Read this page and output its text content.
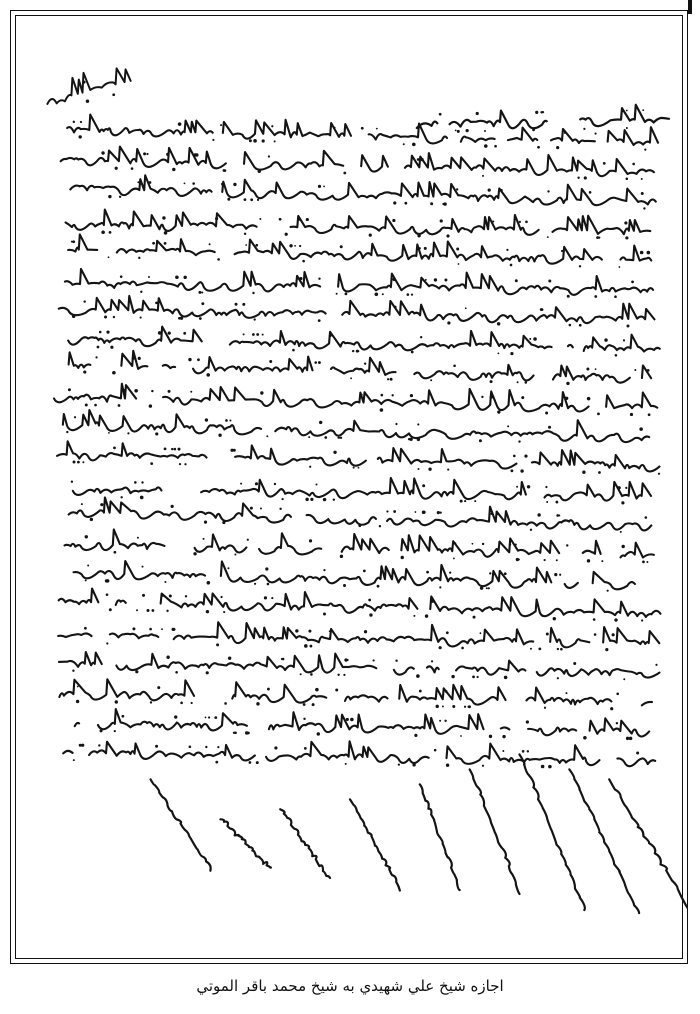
اجازه شيخ علي شهيدي به شيخ محمد باقر الموتي
